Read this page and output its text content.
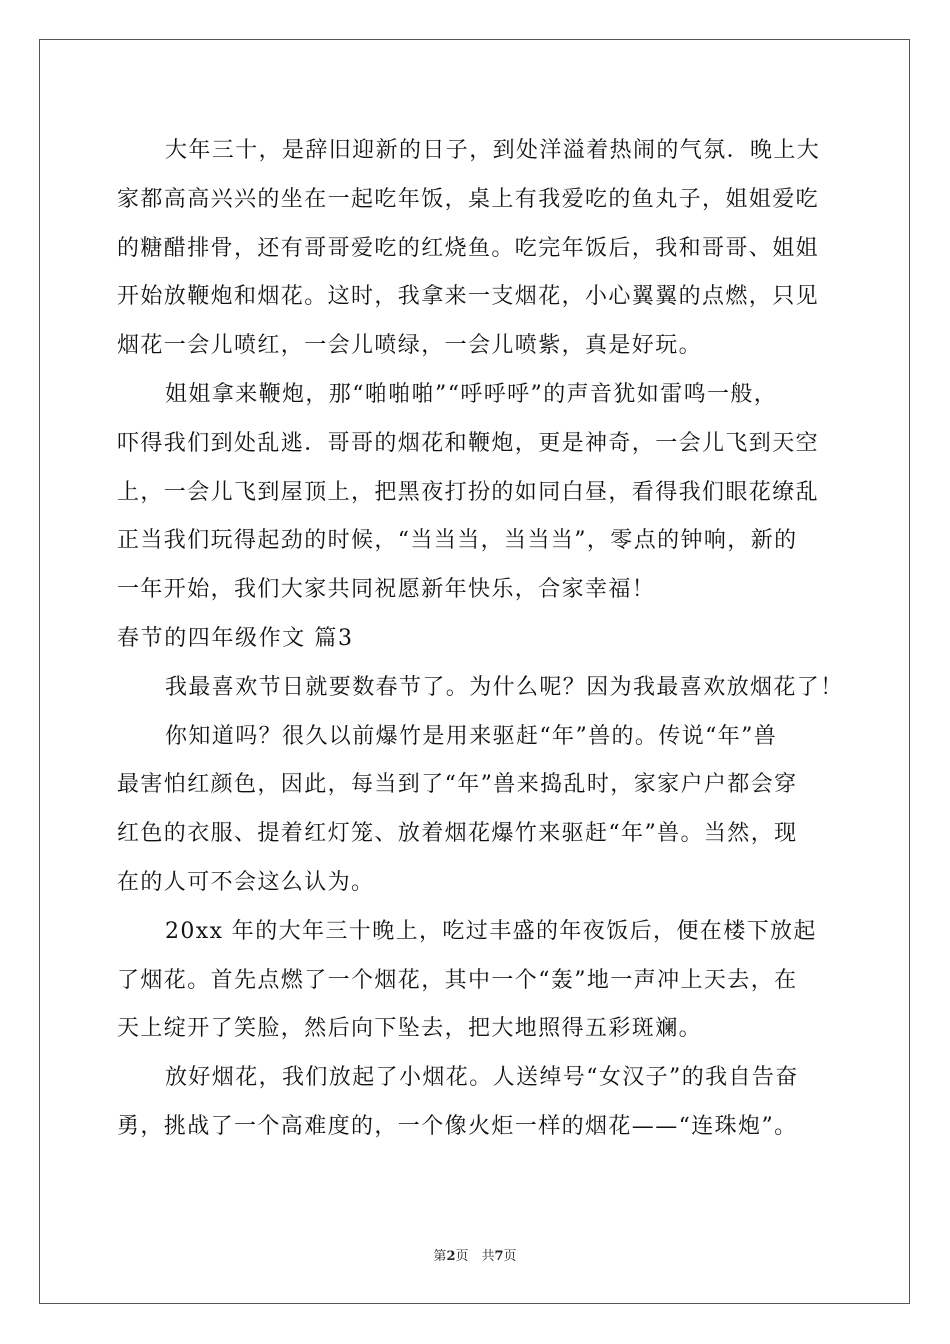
大年三十，是辞旧迎新的日子，到处洋溢着热闹的气氛．晚上大
家都高高兴兴的坐在一起吃年饭，桌上有我爱吃的鱼丸子，姐姐爱吃
的糖醋排骨，还有哥哥爱吃的红烧鱼。吃完年饭后，我和哥哥、姐姐
开始放鞭炮和烟花。这时，我拿来一支烟花，小心翼翼的点燃，只见
烟花一会儿喷红，一会儿喷绿，一会儿喷紫，真是好玩。
姐姐拿来鞭炮，那“啪啪啪”“呼呼呼”的声音犹如雷鸣一般，
吓得我们到处乱逃．哥哥的烟花和鞭炮，更是神奇，一会儿飞到天空
上，一会儿飞到屋顶上，把黑夜打扮的如同白昼，看得我们眼花缭乱
正当我们玩得起劲的时候，“当当当，当当当”，零点的钟响，新的
一年开始，我们大家共同祝愿新年快乐，合家幸福！
春节的四年级作文 篇3
我最喜欢节日就要数春节了。为什么呢？因为我最喜欢放烟花了！
你知道吗？很久以前爆竹是用来驱赶“年”兽的。传说“年”兽
最害怕红颜色，因此，每当到了“年”兽来捣乱时，家家户户都会穿
红色的衣服、提着红灯笼、放着烟花爆竹来驱赶“年”兽。当然，现
在的人可不会这么认为。
20xx 年的大年三十晚上，吃过丰盛的年夜饭后，便在楼下放起
了烟花。首先点燃了一个烟花，其中一个“轰”地一声冲上天去，在
天上绽开了笑脸，然后向下坠去，把大地照得五彩斑斓。
放好烟花，我们放起了小烟花。人送绰号“女汉子”的我自告奋
勇，挑战了一个高难度的，一个像火炬一样的烟花——“连珠炮”。
第2页　共7页
